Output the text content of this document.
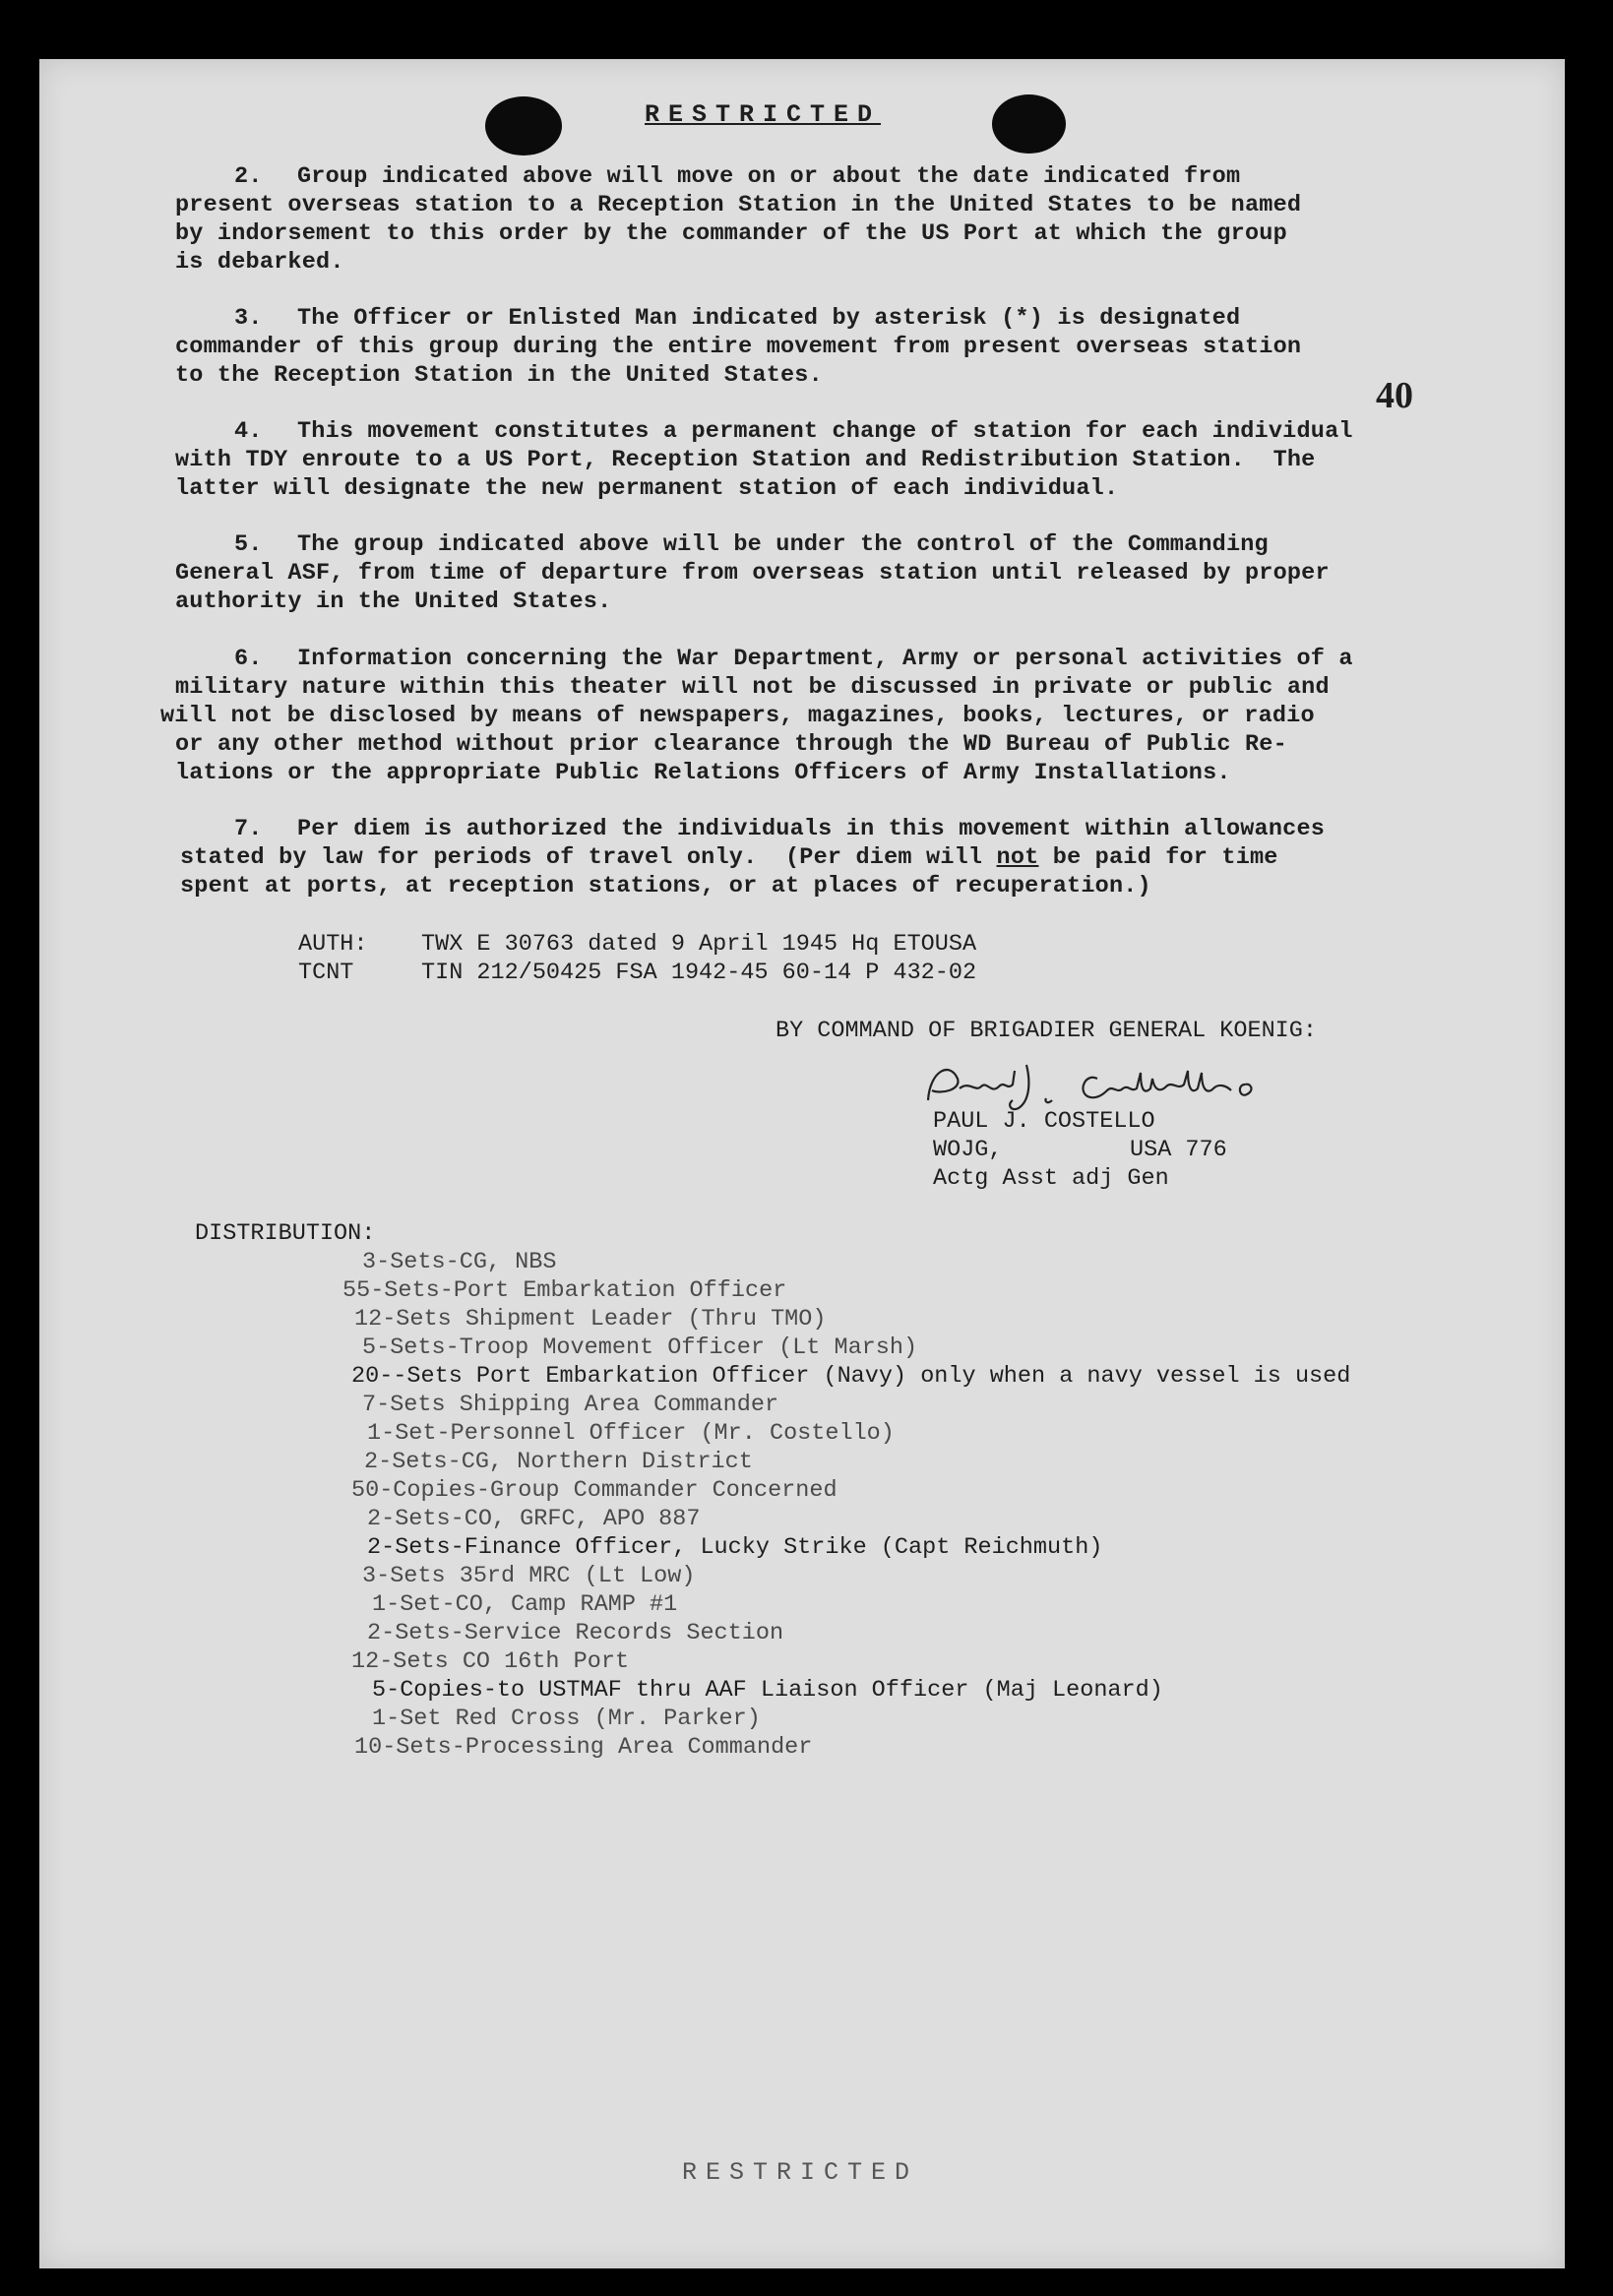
RESTRICTED
40
2. Group indicated above will move on or about the date indicated from
present overseas station to a Reception Station in the United States to be named
by indorsement to this order by the commander of the US Port at which the group
is debarked.
3. The Officer or Enlisted Man indicated by asterisk (*) is designated
commander of this group during the entire movement from present overseas station
to the Reception Station in the United States.
4. This movement constitutes a permanent change of station for each individual
with TDY enroute to a US Port, Reception Station and Redistribution Station.  The
latter will designate the new permanent station of each individual.
5. The group indicated above will be under the control of the Commanding
General ASF, from time of departure from overseas station until released by proper
authority in the United States.
6. Information concerning the War Department, Army or personal activities of a
military nature within this theater will not be discussed in private or public and
will not be disclosed by means of newspapers, magazines, books, lectures, or radio
or any other method without prior clearance through the WD Bureau of Public Re-
lations or the appropriate Public Relations Officers of Army Installations.
7. Per diem is authorized the individuals in this movement within allowances
stated by law for periods of travel only.  (Per diem will not be paid for time
spent at ports, at reception stations, or at places of recuperation.)
AUTH: TWX E 30763 dated 9 April 1945 Hq ETOUSA
TCNT	TIN 212/50425 FSA 1942-45 60-14 P 432-02
BY COMMAND OF BRIGADIER GENERAL KOENIG:
PAUL J. COSTELLO
WOJG,	USA 776
Actg Asst adj Gen
DISTRIBUTION:
3-Sets-CG, NBS
55-Sets-Port Embarkation Officer
12-Sets Shipment Leader (Thru TMO)
5-Sets-Troop Movement Officer (Lt Marsh)
20--Sets Port Embarkation Officer (Navy) only when a navy vessel is used
7-Sets Shipping Area Commander
1-Set-Personnel Officer (Mr. Costello)
2-Sets-CG, Northern District
50-Copies-Group Commander Concerned
2-Sets-CO, GRFC, APO 887
2-Sets-Finance Officer, Lucky Strike (Capt Reichmuth)
3-Sets 35rd MRC (Lt Low)
1-Set-CO, Camp RAMP #1
2-Sets-Service Records Section
12-Sets CO 16th Port
5-Copies-to USTMAF thru AAF Liaison Officer (Maj Leonard)
1-Set Red Cross (Mr. Parker)
10-Sets-Processing Area Commander
RESTRICTED
